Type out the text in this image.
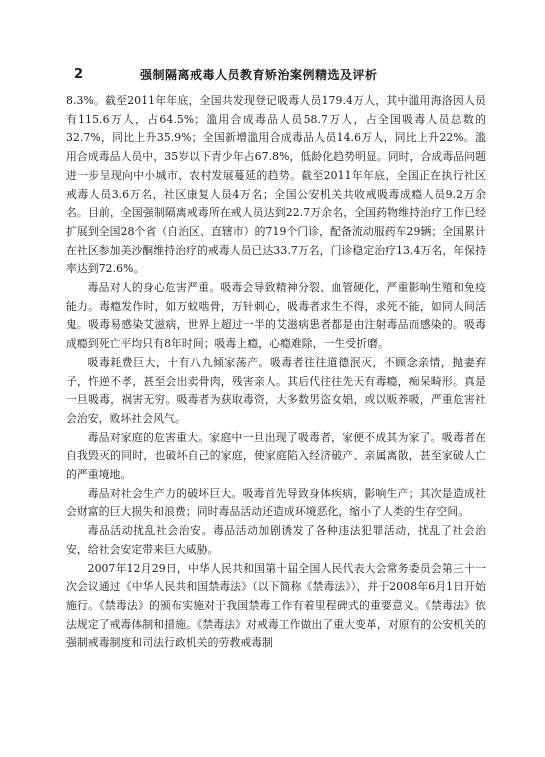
2	强制隔离戒毒人员教育矫治案例精选及评析

8.3%。截至2011年年底，全国共发现登记吸毒人员179.4万人，其中滥用海洛因人员有115.6万人，占64.5%；滥用合成毒品人员58.7万人，占全国吸毒人员总数的32.7%，同比上升35.9%；全国新增滥用合成毒品人员14.6万人，同比上升22%。滥用合成毒品人员中，35岁以下青少年占67.8%，低龄化趋势明显。同时，合成毒品问题进一步呈现向中小城市、农村发展蔓延的趋势。截至2011年年底，全国正在执行社区戒毒人员3.6万名，社区康复人员4万名；全国公安机关共收戒吸毒成瘾人员9.2万余名。目前，全国强制隔离戒毒所在戒人员达到22.7万余名，全国药物维持治疗工作已经扩展到全国28个省（自治区、直辖市）的719个门诊，配备流动服药车29辆；全国累计在社区参加美沙酮维持治疗的戒毒人员已达33.7万名，门诊稳定治疗13.4万名，年保持率达到72.6%。

毒品对人的身心危害严重。吸毒会导致精神分裂、血管硬化，严重影响生殖和免疫能力。毒瘾发作时，如万蚁啮骨，万针刺心，吸毒者求生不得，求死不能，如同人间活鬼。吸毒易感染艾滋病，世界上超过一半的艾滋病患者都是由注射毒品而感染的。吸毒成瘾到死亡平均只有8年时间；吸毒上瘾，心瘾难除，一生受折磨。

吸毒耗费巨大，十有八九倾家荡产。吸毒者往往道德泯灭，不顾念亲情，抛妻弃子，忤逆不孝，甚至会出卖骨肉，残害亲人。其后代往往先天有毒瘾，痴呆畸形。真是一旦吸毒，祸害无穷。吸毒者为获取毒资，大多数男盗女娼，或以贩养吸，严重危害社会治安，败坏社会风气。

毒品对家庭的危害重大。家庭中一旦出现了吸毒者，家便不成其为家了。吸毒者在自我毁灭的同时，也破坏自己的家庭，使家庭陷入经济破产、亲属离散，甚至家破人亡的严重境地。

毒品对社会生产力的破坏巨大。吸毒首先导致身体疾病，影响生产；其次是造成社会财富的巨大损失和浪费；同时毒品活动还造成环境恶化，缩小了人类的生存空间。

毒品活动扰乱社会治安。毒品活动加剧诱发了各种违法犯罪活动，扰乱了社会治安，给社会安定带来巨大威胁。

2007年12月29日，中华人民共和国第十届全国人民代表大会常务委员会第三十一次会议通过《中华人民共和国禁毒法》（以下简称《禁毒法》），并于2008年6月1日开始施行。《禁毒法》的颁布实施对于我国禁毒工作有着里程碑式的重要意义。《禁毒法》依法规定了戒毒体制和措施。《禁毒法》对戒毒工作做出了重大变革，对原有的公安机关的强制戒毒制度和司法行政机关的劳教戒毒制
